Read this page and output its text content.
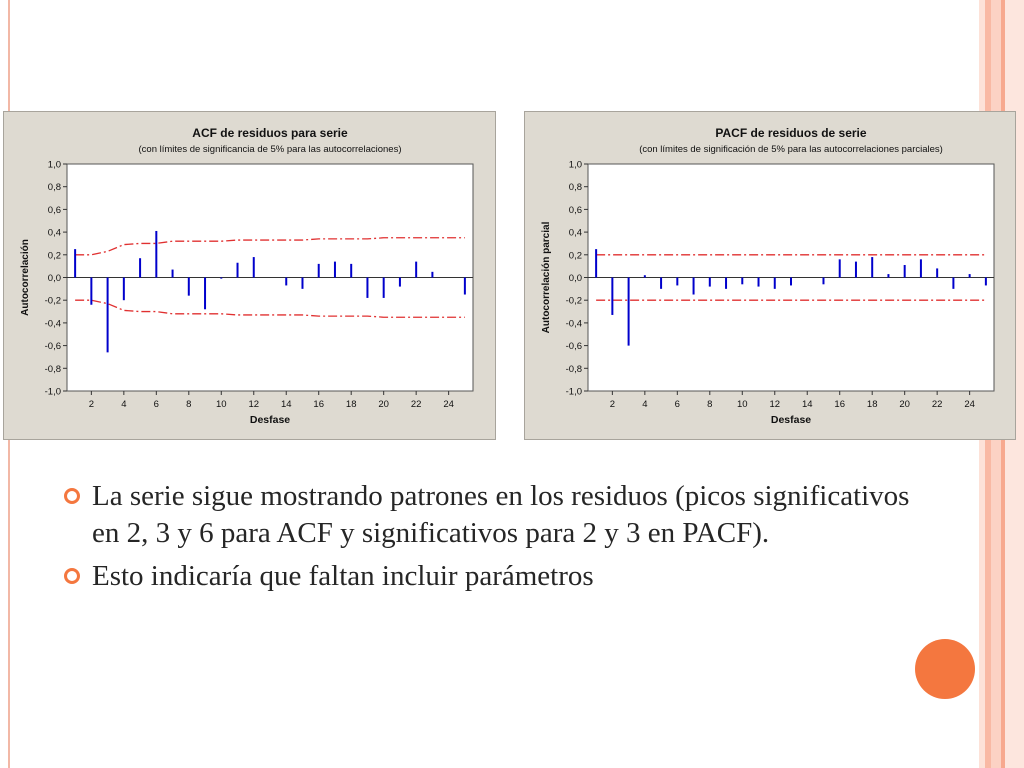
ACF de residuos para serie
(con límites de significancia de 5% para las autocorrelaciones)
1,0
0,8
0,6
0,4
0,2
0,0
-0,2
-0,4
-0,6
-0,8
-1,0
2	4	6	8	10 12 14 16 18 20 22 24
Desfase
Autocorrelación
PACF de residuos de serie
(con límites de significación de 5% para las autocorrelaciones parciales)
1,0
0,8
0,6
0,4
0,2
0,0
-0,2
-0,4
-0,6
-0,8
-1,0
2	4	6	8	10 12 14 16 18 20 22 24
Desfase
Autocorrelación parcial
La serie sigue mostrando patrones en los residuos (picos significativos en 2, 3 y 6 para ACF y significativos para 2 y 3 en PACF).
Esto indicaría que faltan incluir parámetros
